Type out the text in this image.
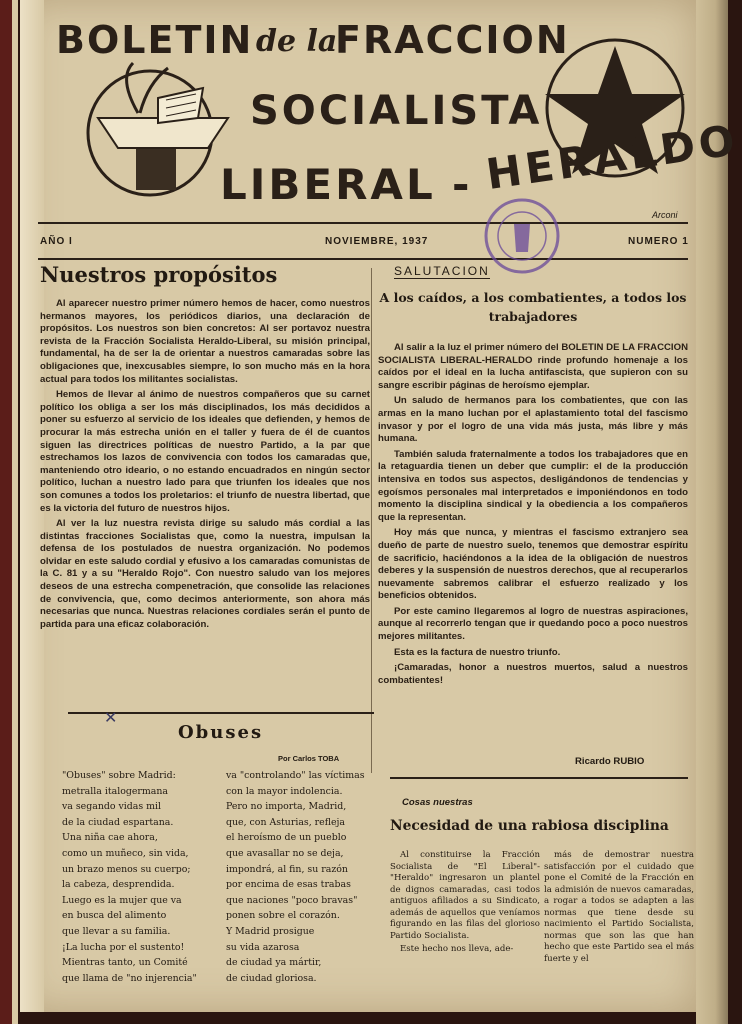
BOLETIN de la
FRACCION
SOCIALISTA
LIBERAL - HERALDO
Arconi
AÑO I	NOVIEMBRE, 1937	NUMERO 1
Nuestros propósitos

Al aparecer nuestro primer número hemos de hacer, como nuestros hermanos mayores, los periódicos diarios, una declaración de propósitos. Los nuestros son bien concretos: Al ser portavoz nuestra revista de la Fracción Socialista Heraldo-Liberal, su misión principal, fundamental, ha de ser la de orientar a nuestros camaradas sobre las obligaciones que, inexcusables siempre, lo son mucho más en la hora actual para todos los militantes socialistas.

Hemos de llevar al ánimo de nuestros compañeros que su carnet político los obliga a ser los más disciplinados, los más decididos a poner su esfuerzo al servicio de los ideales que defienden, y hemos de procurar la más estrecha unión en el taller y fuera de él de cuantos siguen las directrices políticas de nuestro Partido, a la par que estrechamos los lazos de convivencia con todos los camaradas que, manteniendo otro ideario, o no estando encuadrados en ningún sector político, luchan a nuestro lado para que triunfen los ideales que nos son comunes a todos los proletarios: el triunfo de nuestra libertad, que es la victoria del futuro de nuestros hijos.

Al ver la luz nuestra revista dirige su saludo más cordial a las distintas fracciones Socialistas que, como la nuestra, impulsan la defensa de los postulados de nuestra organización. No podemos olvidar en este saludo cordial y efusivo a los camaradas comunistas de la C. 81 y a su "Heraldo Rojo". Con nuestro saludo van los mejores deseos de una estrecha compenetración, que consolide las relaciones de convivencia, que, como decimos anteriormente, son ahora más necesarias que nunca. Nuestras relaciones cordiales serán el punto de partida para una eficaz colaboración.

SALUTACION
A los caídos, a los combatientes, a todos los trabajadores

Al salir a la luz el primer número del BOLETIN DE LA FRACCION SOCIALISTA LIBERAL-HERALDO rinde profundo homenaje a los caídos por el ideal en la lucha antifascista, que supieron con su sangre escribir páginas de heroísmo ejemplar.

Un saludo de hermanos para los combatientes, que con las armas en la mano luchan por el aplastamiento total del fascismo invasor y por el logro de una vida más justa, más libre y más humana.

También saluda fraternalmente a todos los trabajadores que en la retaguardia tienen un deber que cumplir: el de la producción intensiva en todos sus aspectos, desligándonos de tendencias y egoísmos personales mal interpretados e imponiéndonos en todo momento la disciplina sindical y la obediencia a los compañeros que la representan.

Hoy más que nunca, y mientras el fascismo extranjero sea dueño de parte de nuestro suelo, tenemos que demostrar espíritu de sacrificio, haciéndonos a la idea de la obligación de nuestros deberes y la suspensión de nuestros derechos, que al recuperarlos nuevamente sabremos calibrar el esfuerzo realizado y los beneficios obtenidos.

Por este camino llegaremos al logro de nuestras aspiraciones, aunque al recorrerlo tengan que ir quedando poco a poco nuestros mejores militantes.

Esta es la factura de nuestro triunfo.

¡Camaradas, honor a nuestros muertos, salud a nuestros combatientes!

Ricardo RUBIO
✕
Obuses
Por Carlos TOBA
"Obuses" sobre Madrid:
metralla italogermana
va segando vidas mil
de la ciudad espartana.
Una niña cae ahora,
como un muñeco, sin vida,
un brazo menos su cuerpo;
la cabeza, desprendida.
Luego es la mujer que va
en busca del alimento
que llevar a su familia.
¡La lucha por el sustento!
Mientras tanto, un Comité
que llama de "no injerencia"
va "controlando" las víctimas
con la mayor indolencia.
Pero no importa, Madrid,
que, con Asturias, refleja
el heroísmo de un pueblo
que avasallar no se deja,
impondrá, al fin, su razón
por encima de esas trabas
que naciones "poco bravas"
ponen sobre el corazón.
Y Madrid prosigue
su vida azarosa
de ciudad ya mártir,
de ciudad gloriosa.
Cosas nuestras
Necesidad de una rabiosa disciplina

Al constituirse la Fracción Socialista de "El Liberal"-"Heraldo" ingresaron un plantel de dignos camaradas, casi todos antiguos afiliados a su Sindicato, además de aquellos que veníamos figurando en las filas del glorioso Partido Socialista.

Este hecho nos lleva, ade-

más de demostrar nuestra satisfacción por el cuidado que pone el Comité de la Fracción en la admisión de nuevos camaradas, a rogar a todos se adapten a las normas que tiene desde su nacimiento el Partido Socialista, normas que son las que han hecho que este Partido sea el más fuerte y el
